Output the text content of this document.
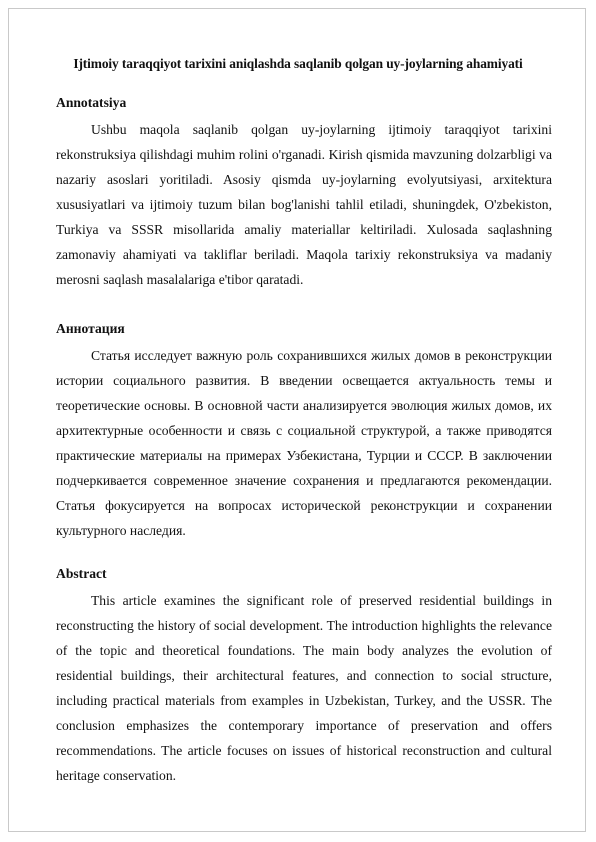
Ijtimoiy taraqqiyot tarixini aniqlashda saqlanib qolgan uy-joylarning ahamiyati
Annotatsiya

Ushbu maqola saqlanib qolgan uy-joylarning ijtimoiy taraqqiyot tarixini rekonstruksiya qilishdagi muhim rolini o'rganadi. Kirish qismida mavzuning dolzarbligi va nazariy asoslari yoritiladi. Asosiy qismda uy-joylarning evolyutsiyasi, arxitektura xususiyatlari va ijtimoiy tuzum bilan bog'lanishi tahlil etiladi, shuningdek, O'zbekiston, Turkiya va SSSR misollarida amaliy materiallar keltiriladi. Xulosada saqlashning zamonaviy ahamiyati va takliflar beriladi. Maqola tarixiy rekonstruksiya va madaniy merosni saqlash masalalariga e'tibor qaratadi.

Аннотация

Статья исследует важную роль сохранившихся жилых домов в реконструкции истории социального развития. В введении освещается актуальность темы и теоретические основы. В основной части анализируется эволюция жилых домов, их архитектурные особенности и связь с социальной структурой, а также приводятся практические материалы на примерах Узбекистана, Турции и СССР. В заключении подчеркивается современное значение сохранения и предлагаются рекомендации. Статья фокусируется на вопросах исторической реконструкции и сохранении культурного наследия.

Abstract

This article examines the significant role of preserved residential buildings in reconstructing the history of social development. The introduction highlights the relevance of the topic and theoretical foundations. The main body analyzes the evolution of residential buildings, their architectural features, and connection to social structure, including practical materials from examples in Uzbekistan, Turkey, and the USSR. The conclusion emphasizes the contemporary importance of preservation and offers recommendations. The article focuses on issues of historical reconstruction and cultural heritage conservation.
